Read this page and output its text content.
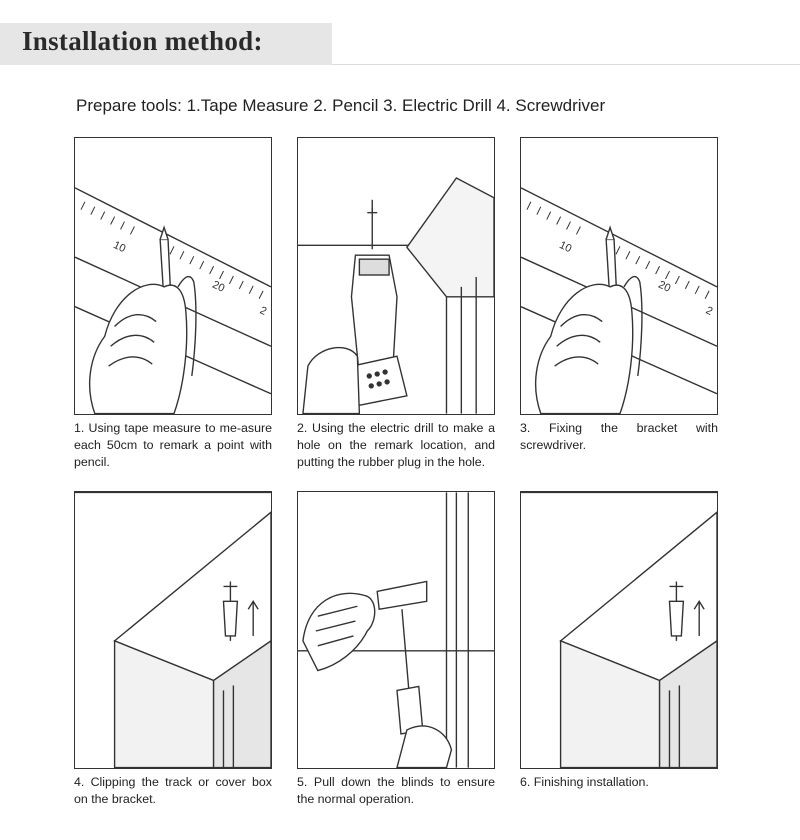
Installation method:
Prepare tools: 1.Tape Measure 2. Pencil 3. Electric Drill 4. Screwdriver
10
20
2
1. Using tape measure to me‐asure each 50cm to remark a point with pencil.
2. Using the electric drill to make a hole on the remark location, and putting the rubber plug in the hole.
10
20
2
3. Fixing the bracket with screwdriver.
4. Clipping the track or cover box on the bracket.
5. Pull down the blinds to ensure the normal operation.
6. Finishing installation.
